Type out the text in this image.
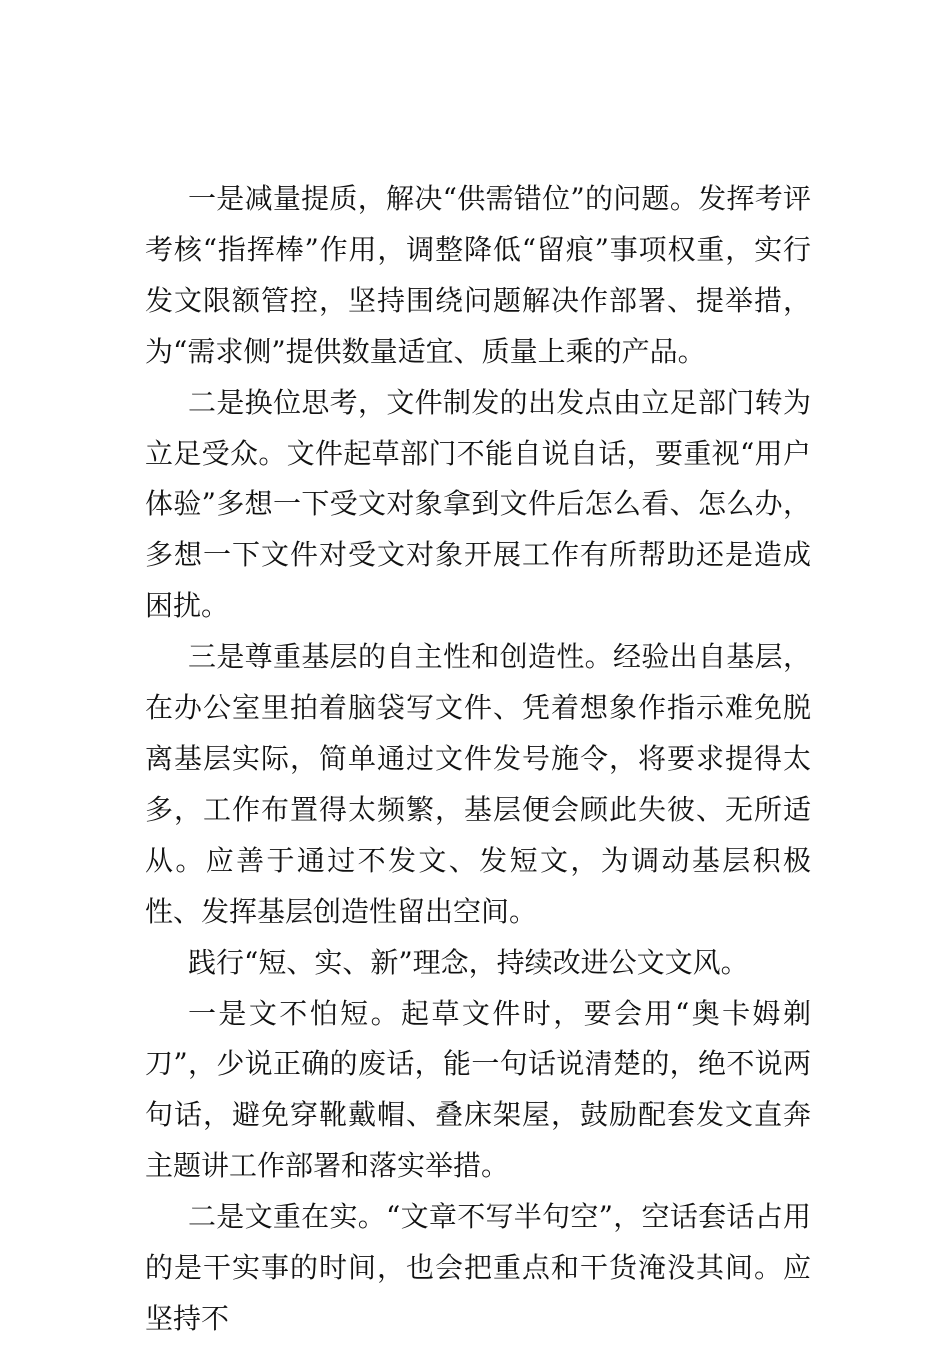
一是减量提质，解决“供需错位”的问题。发挥考评考核“指挥棒”作用，调整降低“留痕”事项权重，实行发文限额管控，坚持围绕问题解决作部署、提举措，为“需求侧”提供数量适宜、质量上乘的产品。

二是换位思考，文件制发的出发点由立足部门转为立足受众。文件起草部门不能自说自话，要重视“用户体验”多想一下受文对象拿到文件后怎么看、怎么办，多想一下文件对受文对象开展工作有所帮助还是造成困扰。

三是尊重基层的自主性和创造性。经验出自基层，在办公室里拍着脑袋写文件、凭着想象作指示难免脱离基层实际，简单通过文件发号施令，将要求提得太多，工作布置得太频繁，基层便会顾此失彼、无所适从。应善于通过不发文、发短文，为调动基层积极性、发挥基层创造性留出空间。

践行“短、实、新”理念，持续改进公文文风。

一是文不怕短。起草文件时，要会用“奥卡姆剃刀”，少说正确的废话，能一句话说清楚的，绝不说两句话，避免穿靴戴帽、叠床架屋，鼓励配套发文直奔主题讲工作部署和落实举措。

二是文重在实。“文章不写半句空”，空话套话占用的是干实事的时间，也会把重点和干货淹没其间。应坚持不
